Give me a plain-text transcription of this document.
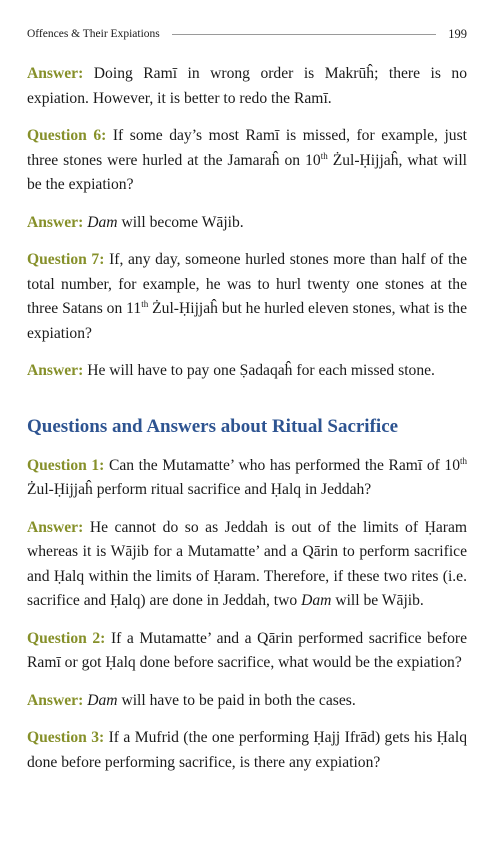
Offences & Their Expiations	199

Answer: Doing Ramī in wrong order is Makrūĥ; there is no expiation. However, it is better to redo the Ramī.

Question 6: If some day’s most Ramī is missed, for example, just three stones were hurled at the Jamaraĥ on 10th Żul-Ḥijjaĥ, what will be the expiation?

Answer: Dam will become Wājib.

Question 7: If, any day, someone hurled stones more than half of the total number, for example, he was to hurl twenty one stones at the three Satans on 11th Żul-Ḥijjaĥ but he hurled eleven stones, what is the expiation?

Answer: He will have to pay one Ṣadaqaĥ for each missed stone.

Questions and Answers about Ritual Sacrifice

Question 1: Can the Mutamatte’ who has performed the Ramī of 10th Żul-Ḥijjaĥ perform ritual sacrifice and Ḥalq in Jeddah?

Answer: He cannot do so as Jeddah is out of the limits of Ḥaram whereas it is Wājib for a Mutamatte’ and a Qārin to perform sacrifice and Ḥalq within the limits of Ḥaram. Therefore, if these two rites (i.e. sacrifice and Ḥalq) are done in Jeddah, two Dam will be Wājib.

Question 2: If a Mutamatte’ and a Qārin performed sacrifice before Ramī or got Ḥalq done before sacrifice, what would be the expiation?

Answer: Dam will have to be paid in both the cases.

Question 3: If a Mufrid (the one performing Ḥajj Ifrād) gets his Ḥalq done before performing sacrifice, is there any expiation?
